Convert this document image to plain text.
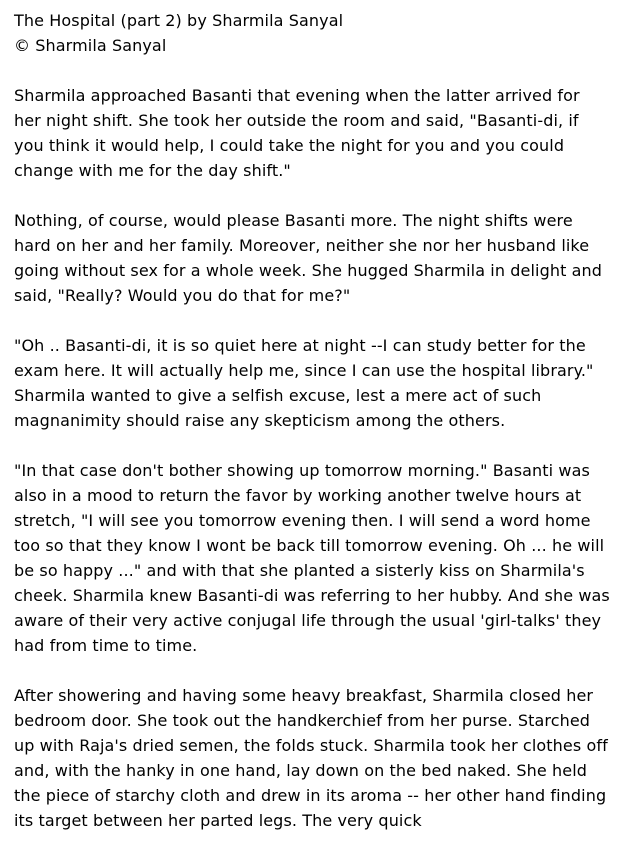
The Hospital (part 2) by Sharmila Sanyal
© Sharmila Sanyal

Sharmila approached Basanti that evening when the latter arrived for her night shift. She took her outside the room and said, "Basanti-di, if you think it would help, I could take the night for you and you could change with me for the day shift."

Nothing, of course, would please Basanti more. The night shifts were hard on her and her family. Moreover, neither she nor her husband like going without sex for a whole week. She hugged Sharmila in delight and said, "Really? Would you do that for me?"

"Oh .. Basanti-di, it is so quiet here at night --I can study better for the exam here. It will actually help me, since I can use the hospital library." Sharmila wanted to give a selfish excuse, lest a mere act of such magnanimity should raise any skepticism among the others.

"In that case don't bother showing up tomorrow morning." Basanti was also in a mood to return the favor by working another twelve hours at stretch, "I will see you tomorrow evening then. I will send a word home too so that they know I wont be back till tomorrow evening. Oh ... he will be so happy ..." and with that she planted a sisterly kiss on Sharmila's cheek. Sharmila knew Basanti-di was referring to her hubby. And she was aware of their very active conjugal life through the usual 'girl-talks' they had from time to time.

After showering and having some heavy breakfast, Sharmila closed her bedroom door. She took out the handkerchief from her purse. Starched up with Raja's dried semen, the folds stuck. Sharmila took her clothes off and, with the hanky in one hand, lay down on the bed naked. She held the piece of starchy cloth and drew in its aroma -- her other hand finding its target between her parted legs. The very quick
